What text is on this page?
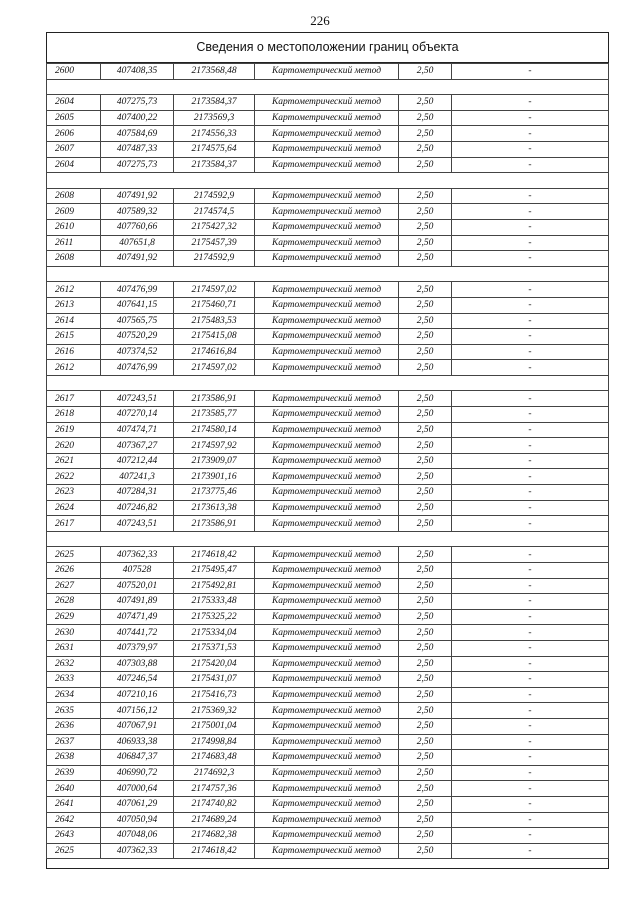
226
Сведения о местоположении границ объекта
2600	407408,35	2173568,48	Картометрический метод	2,50	-

2604	407275,73	2173584,37	Картометрический метод	2,50	-
2605	407400,22	2173569,3	Картометрический метод	2,50	-
2606	407584,69	2174556,33	Картометрический метод	2,50	-
2607	407487,33	2174575,64	Картометрический метод	2,50	-
2604	407275,73	2173584,37	Картометрический метод	2,50	-

2608	407491,92	2174592,9	Картометрический метод	2,50	-
2609	407589,32	2174574,5	Картометрический метод	2,50	-
2610	407760,66	2175427,32	Картометрический метод	2,50	-
2611	407651,8	2175457,39	Картометрический метод	2,50	-
2608	407491,92	2174592,9	Картометрический метод	2,50	-

2612	407476,99	2174597,02	Картометрический метод	2,50	-
2613	407641,15	2175460,71	Картометрический метод	2,50	-
2614	407565,75	2175483,53	Картометрический метод	2,50	-
2615	407520,29	2175415,08	Картометрический метод	2,50	-
2616	407374,52	2174616,84	Картометрический метод	2,50	-
2612	407476,99	2174597,02	Картометрический метод	2,50	-

2617	407243,51	2173586,91	Картометрический метод	2,50	-
2618	407270,14	2173585,77	Картометрический метод	2,50	-
2619	407474,71	2174580,14	Картометрический метод	2,50	-
2620	407367,27	2174597,92	Картометрический метод	2,50	-
2621	407212,44	2173909,07	Картометрический метод	2,50	-
2622	407241,3	2173901,16	Картометрический метод	2,50	-
2623	407284,31	2173775,46	Картометрический метод	2,50	-
2624	407246,82	2173613,38	Картометрический метод	2,50	-
2617	407243,51	2173586,91	Картометрический метод	2,50	-

2625	407362,33	2174618,42	Картометрический метод	2,50	-
2626	407528	2175495,47	Картометрический метод	2,50	-
2627	407520,01	2175492,81	Картометрический метод	2,50	-
2628	407491,89	2175333,48	Картометрический метод	2,50	-
2629	407471,49	2175325,22	Картометрический метод	2,50	-
2630	407441,72	2175334,04	Картометрический метод	2,50	-
2631	407379,97	2175371,53	Картометрический метод	2,50	-
2632	407303,88	2175420,04	Картометрический метод	2,50	-
2633	407246,54	2175431,07	Картометрический метод	2,50	-
2634	407210,16	2175416,73	Картометрический метод	2,50	-
2635	407156,12	2175369,32	Картометрический метод	2,50	-
2636	407067,91	2175001,04	Картометрический метод	2,50	-
2637	406933,38	2174998,84	Картометрический метод	2,50	-
2638	406847,37	2174683,48	Картометрический метод	2,50	-
2639	406990,72	2174692,3	Картометрический метод	2,50	-
2640	407000,64	2174757,36	Картометрический метод	2,50	-
2641	407061,29	2174740,82	Картометрический метод	2,50	-
2642	407050,94	2174689,24	Картометрический метод	2,50	-
2643	407048,06	2174682,38	Картометрический метод	2,50	-
2625	407362,33	2174618,42	Картометрический метод	2,50	-
